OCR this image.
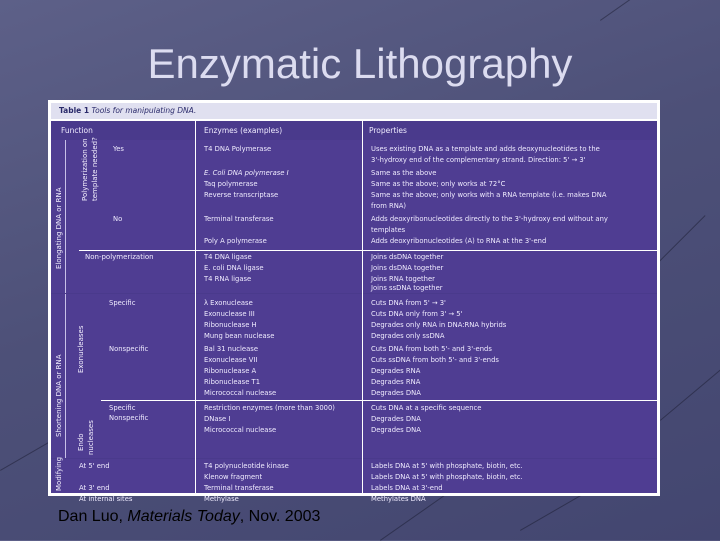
Enzymatic Lithography
Table 1 Tools for manipulating DNA.
Function	Enzymes (examples)	Properties
Elongating DNA or RNA
Polymerization on template needed? Yes
No
Non-polymerization
T4 DNA Polymerase
E. Coli DNA polymerase I
Taq polymerase
Reverse transcriptase
Terminal transferase
Poly A polymerase
T4 DNA ligase
E. coli DNA ligase
T4 RNA ligase
Uses existing DNA as a template and adds deoxynucleotides to the
3'-hydroxy end of the complementary strand. Direction: 5' → 3'
Same as the above
Same as the above; only works at 72°C
Same as the above; only works with a RNA template (i.e. makes DNA
from RNA)
Adds deoxyribonucleotides directly to the 3'-hydroxy end without any
templates
Adds deoxyribonucleotides (A) to RNA at the 3'-end
Joins dsDNA together
Joins dsDNA together
Joins RNA together
Joins ssDNA together
Shortening DNA or RNA
Exonucleases
Endo nucleases
Specific
Nonspecific
Specific
Nonspecific
λ Exonuclease
Exonuclease III
Ribonuclease H
Mung bean nuclease
Bal 31 nuclease
Exonuclease VII
Ribonuclease A
Ribonuclease T1
Micrococcal nuclease
Restriction enzymes (more than 3000)
DNase I
Micrococcal nuclease
Cuts DNA from 5' → 3'
Cuts DNA only from 3' → 5'
Degrades only RNA in DNA:RNA hybrids
Degrades only ssDNA
Cuts DNA from both 5'- and 3'-ends
Cuts ssDNA from both 5'- and 3'-ends
Degrades RNA
Degrades RNA
Degrades DNA
Cuts DNA at a specific sequence
Degrades DNA
Degrades DNA
Modifying At 5' end
At 3' end
At internal sites
T4 polynucleotide kinase
Klenow fragment
Terminal transferase
Methylase
Labels DNA at 5' with phosphate, biotin, etc.
Labels DNA at 5' with phosphate, biotin, etc.
Labels DNA at 3'-end
Methylates DNA
Dan Luo, Materials Today, Nov. 2003
